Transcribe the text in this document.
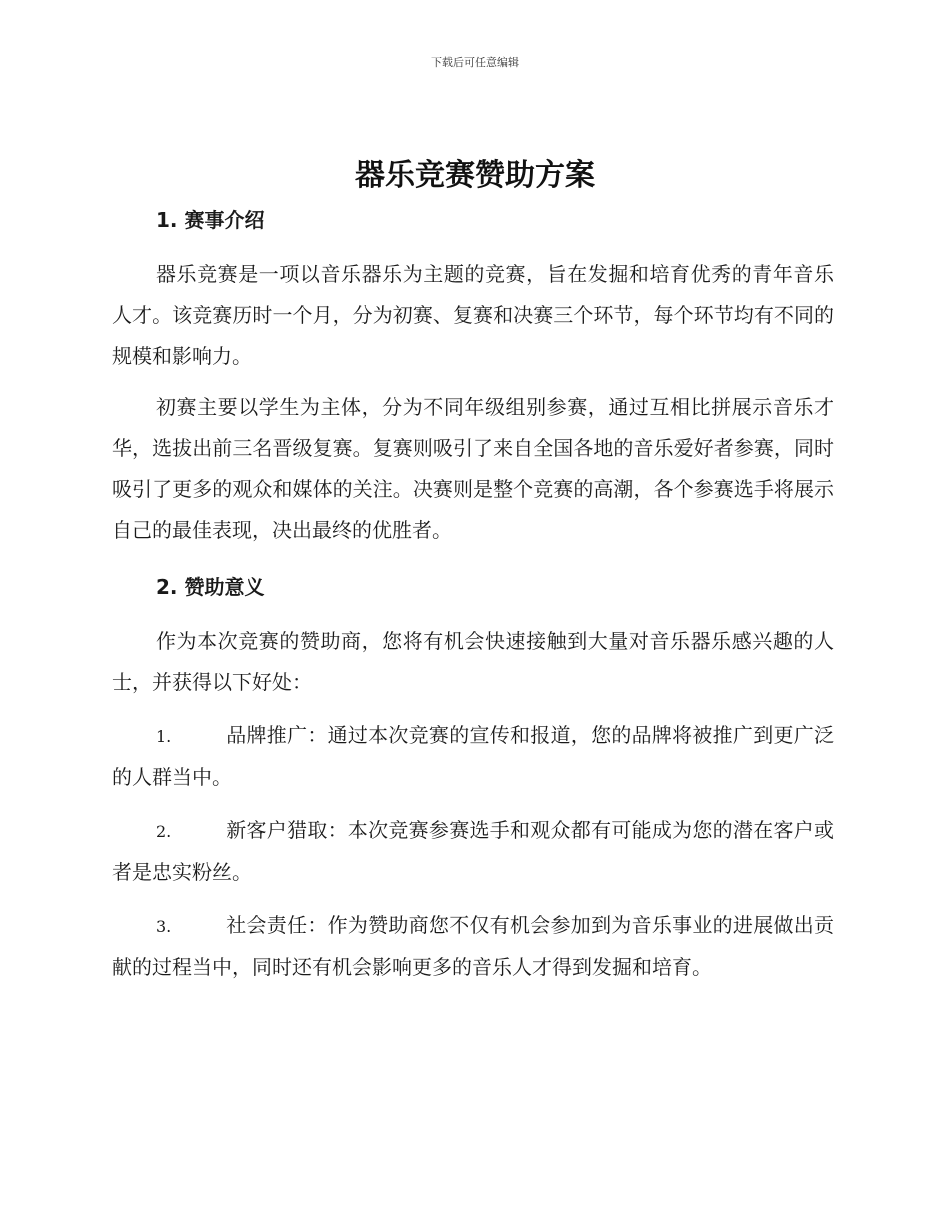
下载后可任意编辑
器乐竞赛赞助方案
1. 赛事介绍

器乐竞赛是一项以音乐器乐为主题的竞赛，旨在发掘和培育优秀的青年音乐人才。该竞赛历时一个月，分为初赛、复赛和决赛三个环节，每个环节均有不同的规模和影响力。

初赛主要以学生为主体，分为不同年级组别参赛，通过互相比拼展示音乐才华，选拔出前三名晋级复赛。复赛则吸引了来自全国各地的音乐爱好者参赛，同时吸引了更多的观众和媒体的关注。决赛则是整个竞赛的高潮，各个参赛选手将展示自己的最佳表现，决出最终的优胜者。

2. 赞助意义

作为本次竞赛的赞助商，您将有机会快速接触到大量对音乐器乐感兴趣的人士，并获得以下好处：

1.	品牌推广：通过本次竞赛的宣传和报道，您的品牌将被推广到更广泛的人群当中。
2.	新客户猎取：本次竞赛参赛选手和观众都有可能成为您的潜在客户或者是忠实粉丝。
3.	社会责任：作为赞助商您不仅有机会参加到为音乐事业的进展做出贡献的过程当中，同时还有机会影响更多的音乐人才得到发掘和培育。
